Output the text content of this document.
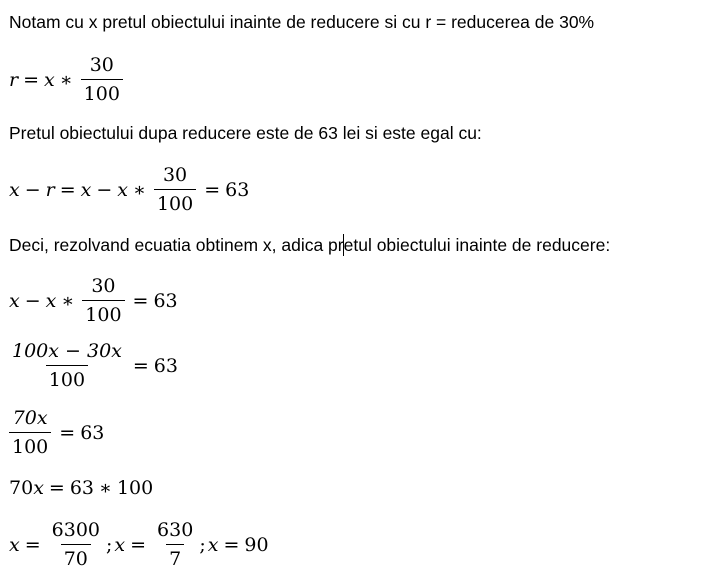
Notam cu x pretul obiectului inainte de reducere si cu r = reducerea de 30%
r = x ∗ $\frac{30}{100}$
Pretul obiectului dupa reducere este de 63 lei si este egal cu:
x − r = x − x ∗ $\frac{30}{100} = 63$
Deci, rezolvand ecuatia obtinem x, adica pretul obiectului inainte de reducere:
x − x ∗ $\frac{30}{100} = 63$
$\frac{100x - 30x}{100} = 63$
$\frac{70x}{100} = 63$
70 x = 63 ∗ 100
$x = \frac{6300}{70}$ ; $x = \frac{630}{7}$ ; x = 90
